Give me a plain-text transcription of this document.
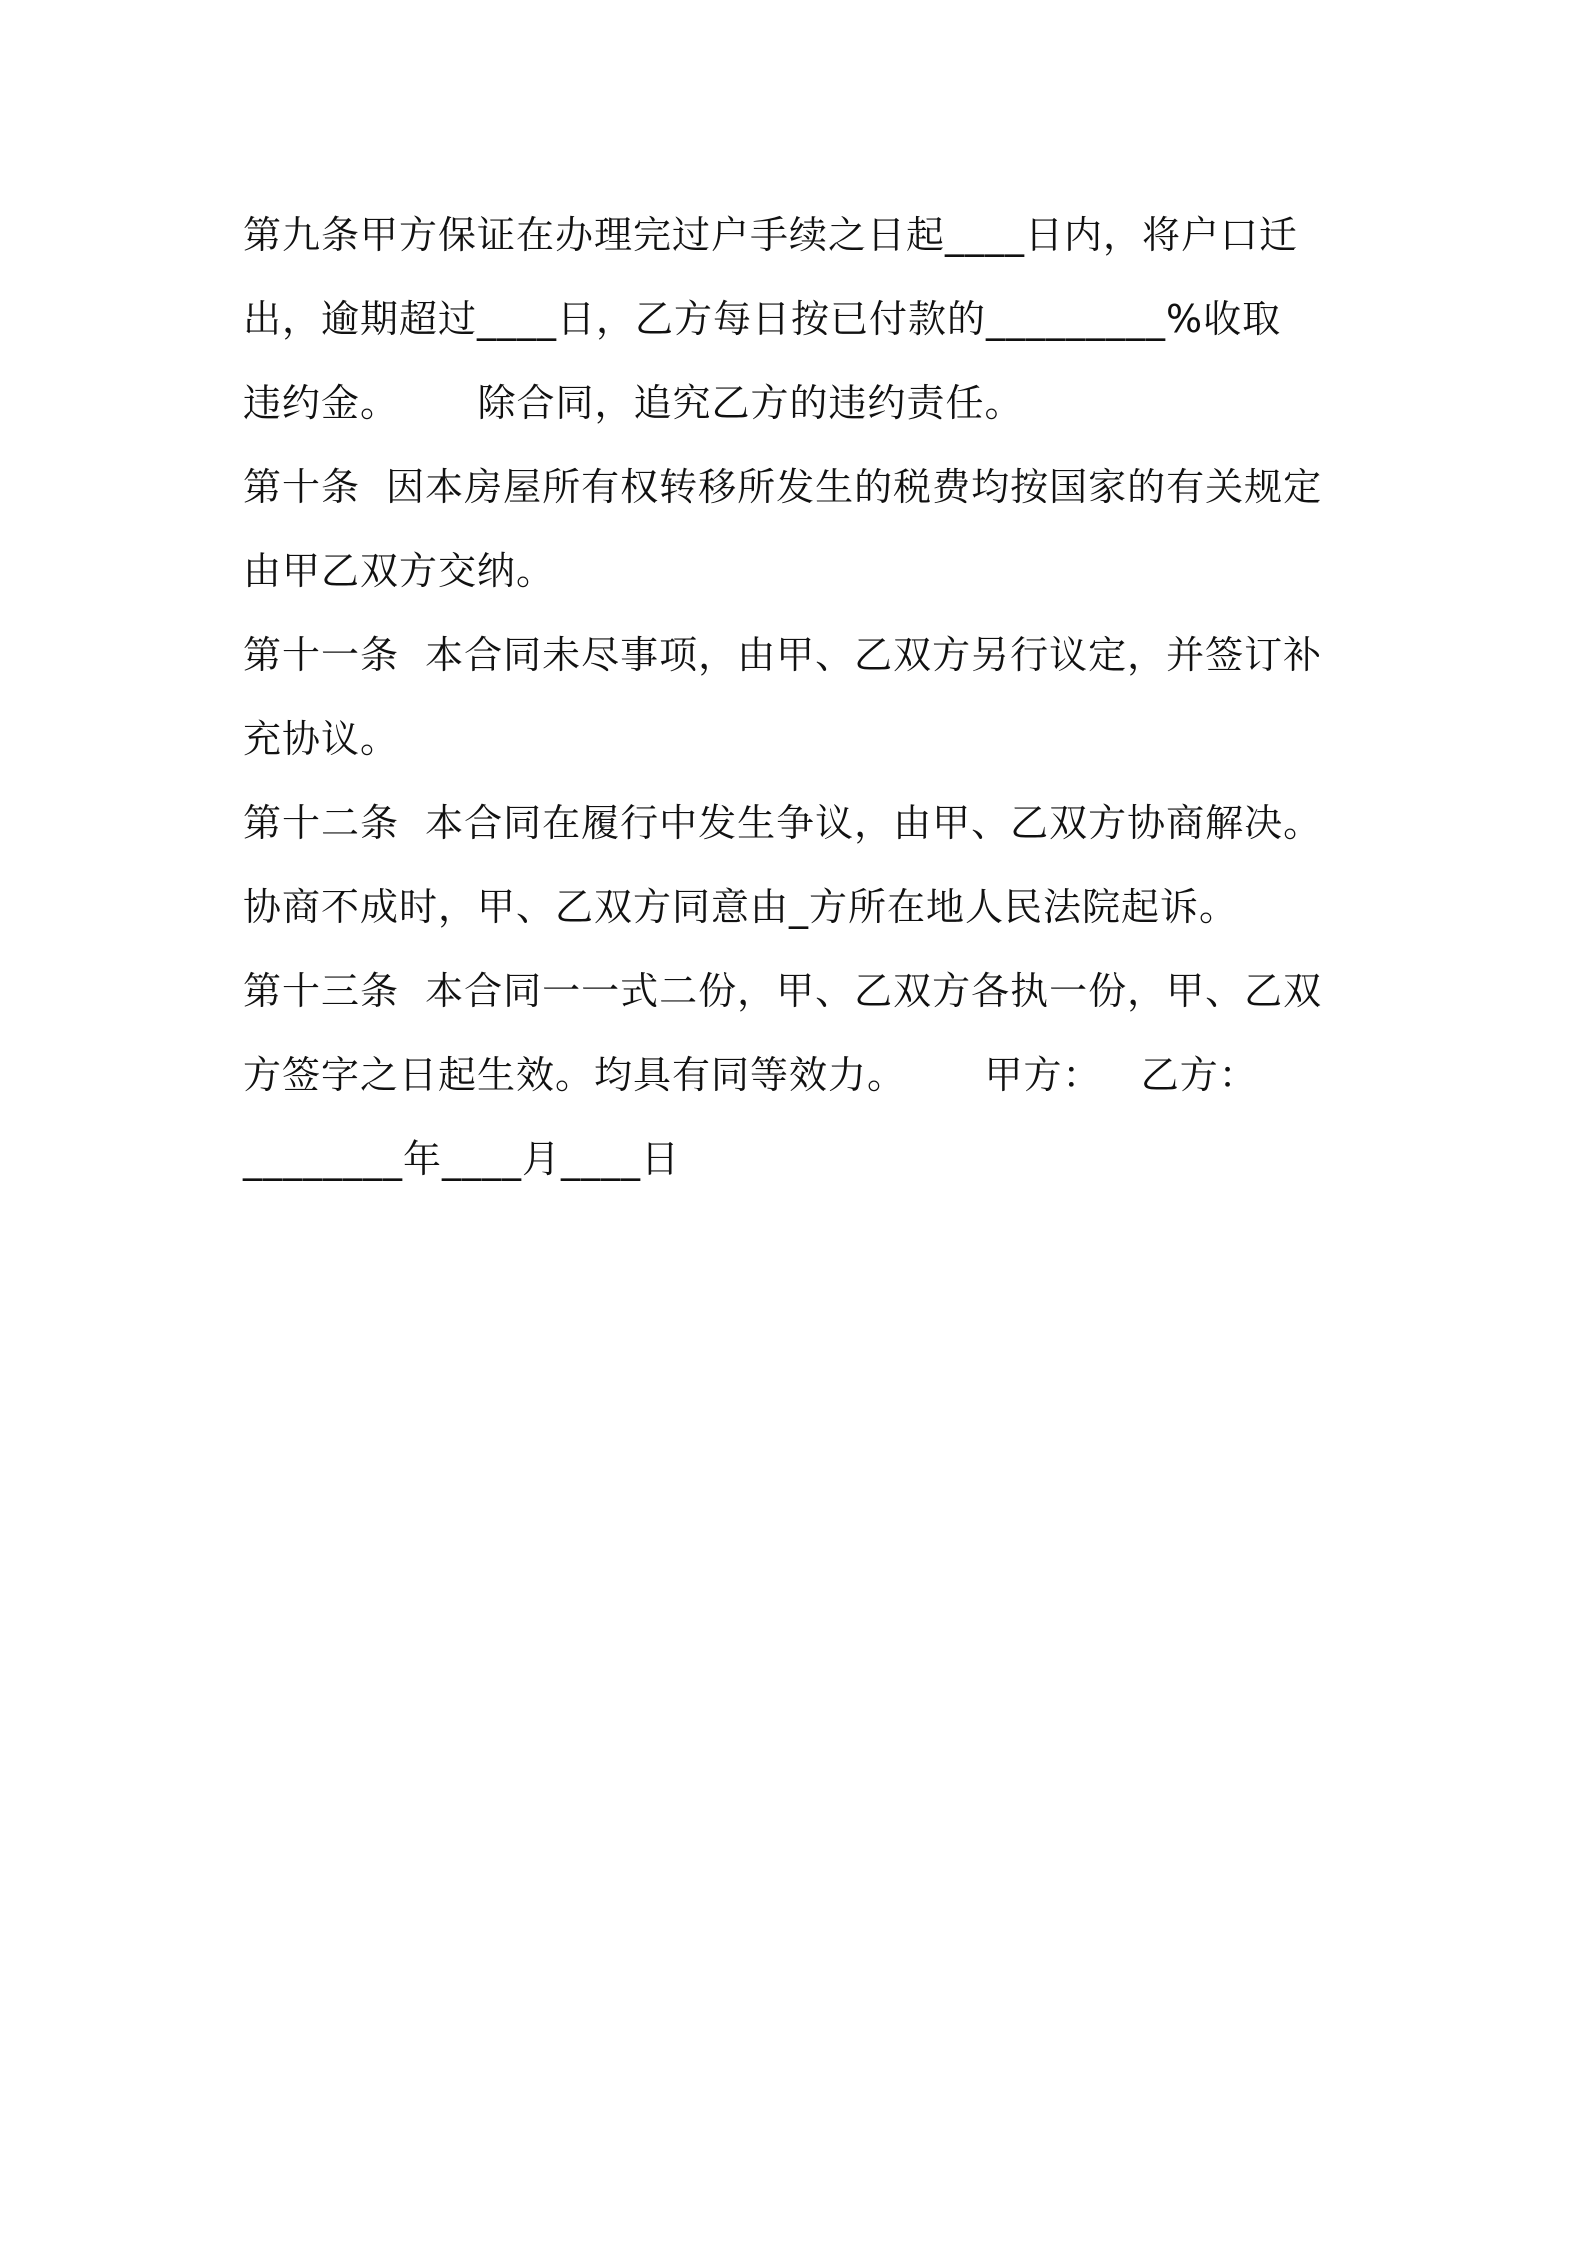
第九条甲方保证在办理完过户手续之日起____日内，将户口迁
出，逾期超过____日，乙方每日按已付款的_________%收取
违约金。      除合同，追究乙方的违约责任。
第十条  因本房屋所有权转移所发生的税费均按国家的有关规定
由甲乙双方交纳。
第十一条  本合同未尽事项，由甲、乙双方另行议定，并签订补
充协议。
第十二条  本合同在履行中发生争议，由甲、乙双方协商解决。
协商不成时，甲、乙双方同意由_方所在地人民法院起诉。
第十三条  本合同一一式二份，甲、乙双方各执一份，甲、乙双
方签字之日起生效。均具有同等效力。      甲方：   乙方：
________年____月____日
